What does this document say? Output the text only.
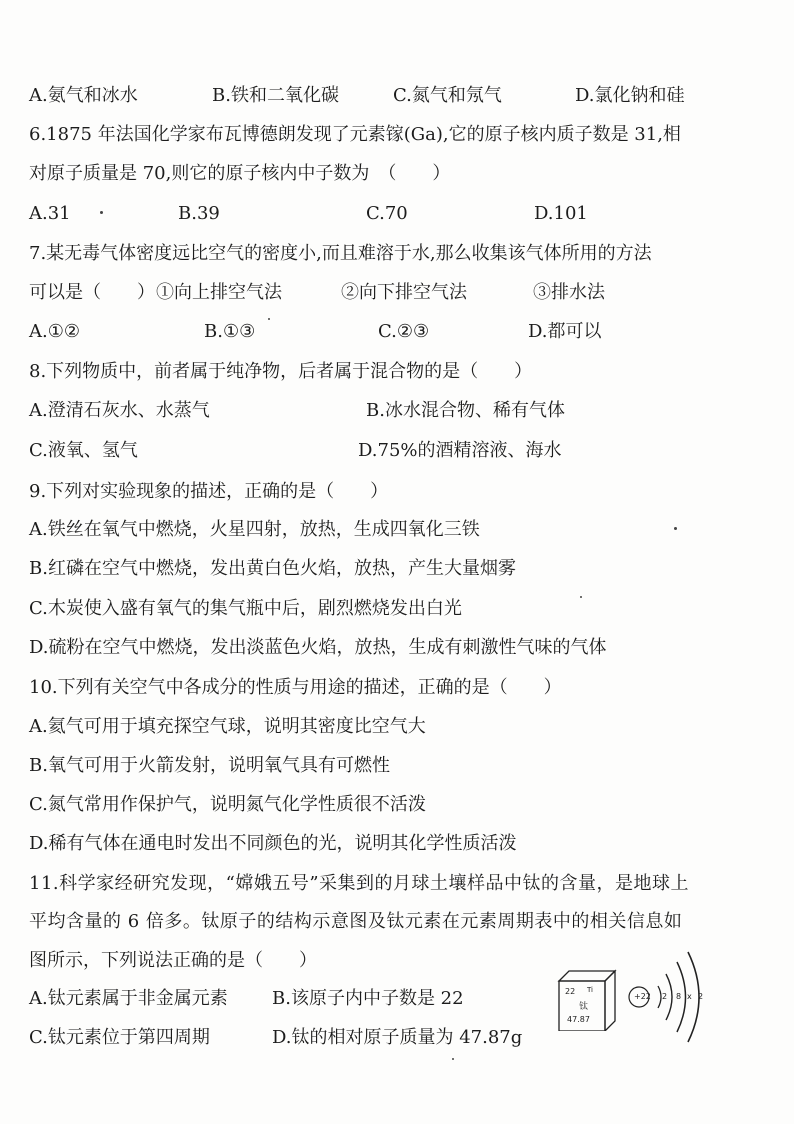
A.氨气和冰水	B.铁和二氧化碳	C.氮气和氖气	D.氯化钠和硅
6.1875 年法国化学家布瓦博德朗发现了元素镓(Ga),它的原子核内质子数是 31,相
对原子质量是 70,则它的原子核内中子数为　（　　）
A.31	B.39	C.70	D.101
7.某无毒气体密度远比空气的密度小,而且难溶于水,那么收集该气体所用的方法
可以是（　　） ①向上排空气法	②向下排空气法	③排水法
A.①②	B.①③	C.②③	D.都可以
8.下列物质中，前者属于纯净物，后者属于混合物的是（　　）
A.澄清石灰水、水蒸气	B.冰水混合物、稀有气体
C.液氧、氢气	D.75%的酒精溶液、海水
9.下列对实验现象的描述，正确的是（　　）
A.铁丝在氧气中燃烧，火星四射，放热，生成四氧化三铁
B.红磷在空气中燃烧，发出黄白色火焰，放热，产生大量烟雾
C.木炭使入盛有氧气的集气瓶中后，剧烈燃烧发出白光
D.硫粉在空气中燃烧，发出淡蓝色火焰，放热，生成有刺激性气味的气体
10.下列有关空气中各成分的性质与用途的描述，正确的是（　　）
A.氦气可用于填充探空气球，说明其密度比空气大
B.氧气可用于火箭发射，说明氧气具有可燃性
C.氮气常用作保护气，说明氮气化学性质很不活泼
D.稀有气体在通电时发出不同颜色的光，说明其化学性质活泼
11.科学家经研究发现，“嫦娥五号”采集到的月球土壤样品中钛的含量，是地球上
平均含量的 6 倍多。钛原子的结构示意图及钛元素在元素周期表中的相关信息如
图所示，下列说法正确的是（　　）
A.钛元素属于非金属元素 B.该原子内中子数是 22
C.钛元素位于第四周期	D.钛的相对原子质量为 47.87g
22 Ti
钛
47.87
+22 2 8 x 2
